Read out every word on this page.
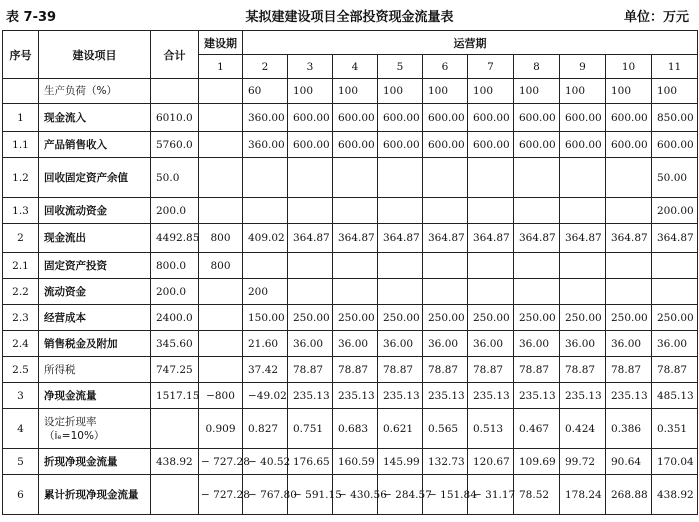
表 7-39	某拟建建设项目全部投资现金流量表	单位：万元
序号	建设项目	合计	建设期	运营期									
			1	2	3	4	5	6	7	8	9	10	11
	生产负荷（%）			60	100	100	100	100	100	100	100	100	100
1	现金流入	6010.0		360.00	600.00	600.00	600.00	600.00	600.00	600.00	600.00	600.00	850.00
1.1	产品销售收入	5760.0		360.00	600.00	600.00	600.00	600.00	600.00	600.00	600.00	600.00	600.00
1.2	回收固定资产余值	50.0											50.00
1.3	回收流动资金	200.0											200.00
2	现金流出	4492.85	800	409.02	364.87	364.87	364.87	364.87	364.87	364.87	364.87	364.87	364.87
2.1	固定资产投资	800.0	800										
2.2	流动资金	200.0		200									
2.3	经营成本	2400.0		150.00	250.00	250.00	250.00	250.00	250.00	250.00	250.00	250.00	250.00
2.4	销售税金及附加	345.60		21.60	36.00	36.00	36.00	36.00	36.00	36.00	36.00	36.00	36.00
2.5	所得税	747.25		37.42	78.87	78.87	78.87	78.87	78.87	78.87	78.87	78.87	78.87
3	净现金流量	1517.15	−800	−49.02	235.13	235.13	235.13	235.13	235.13	235.13	235.13	235.13	485.13
4	设定折现率（iₑ=10%）		0.909	0.827	0.751	0.683	0.621	0.565	0.513	0.467	0.424	0.386	0.351
5	折现净现金流量	438.92	− 727.28	− 40.52	176.65	160.59	145.99	132.73	120.67	109.69	99.72	90.64	170.04
6	累计折现净现金流量		− 727.28	− 767.80	− 591.15	− 430.56	− 284.57	− 151.84	− 31.17	78.52	178.24	268.88	438.92
